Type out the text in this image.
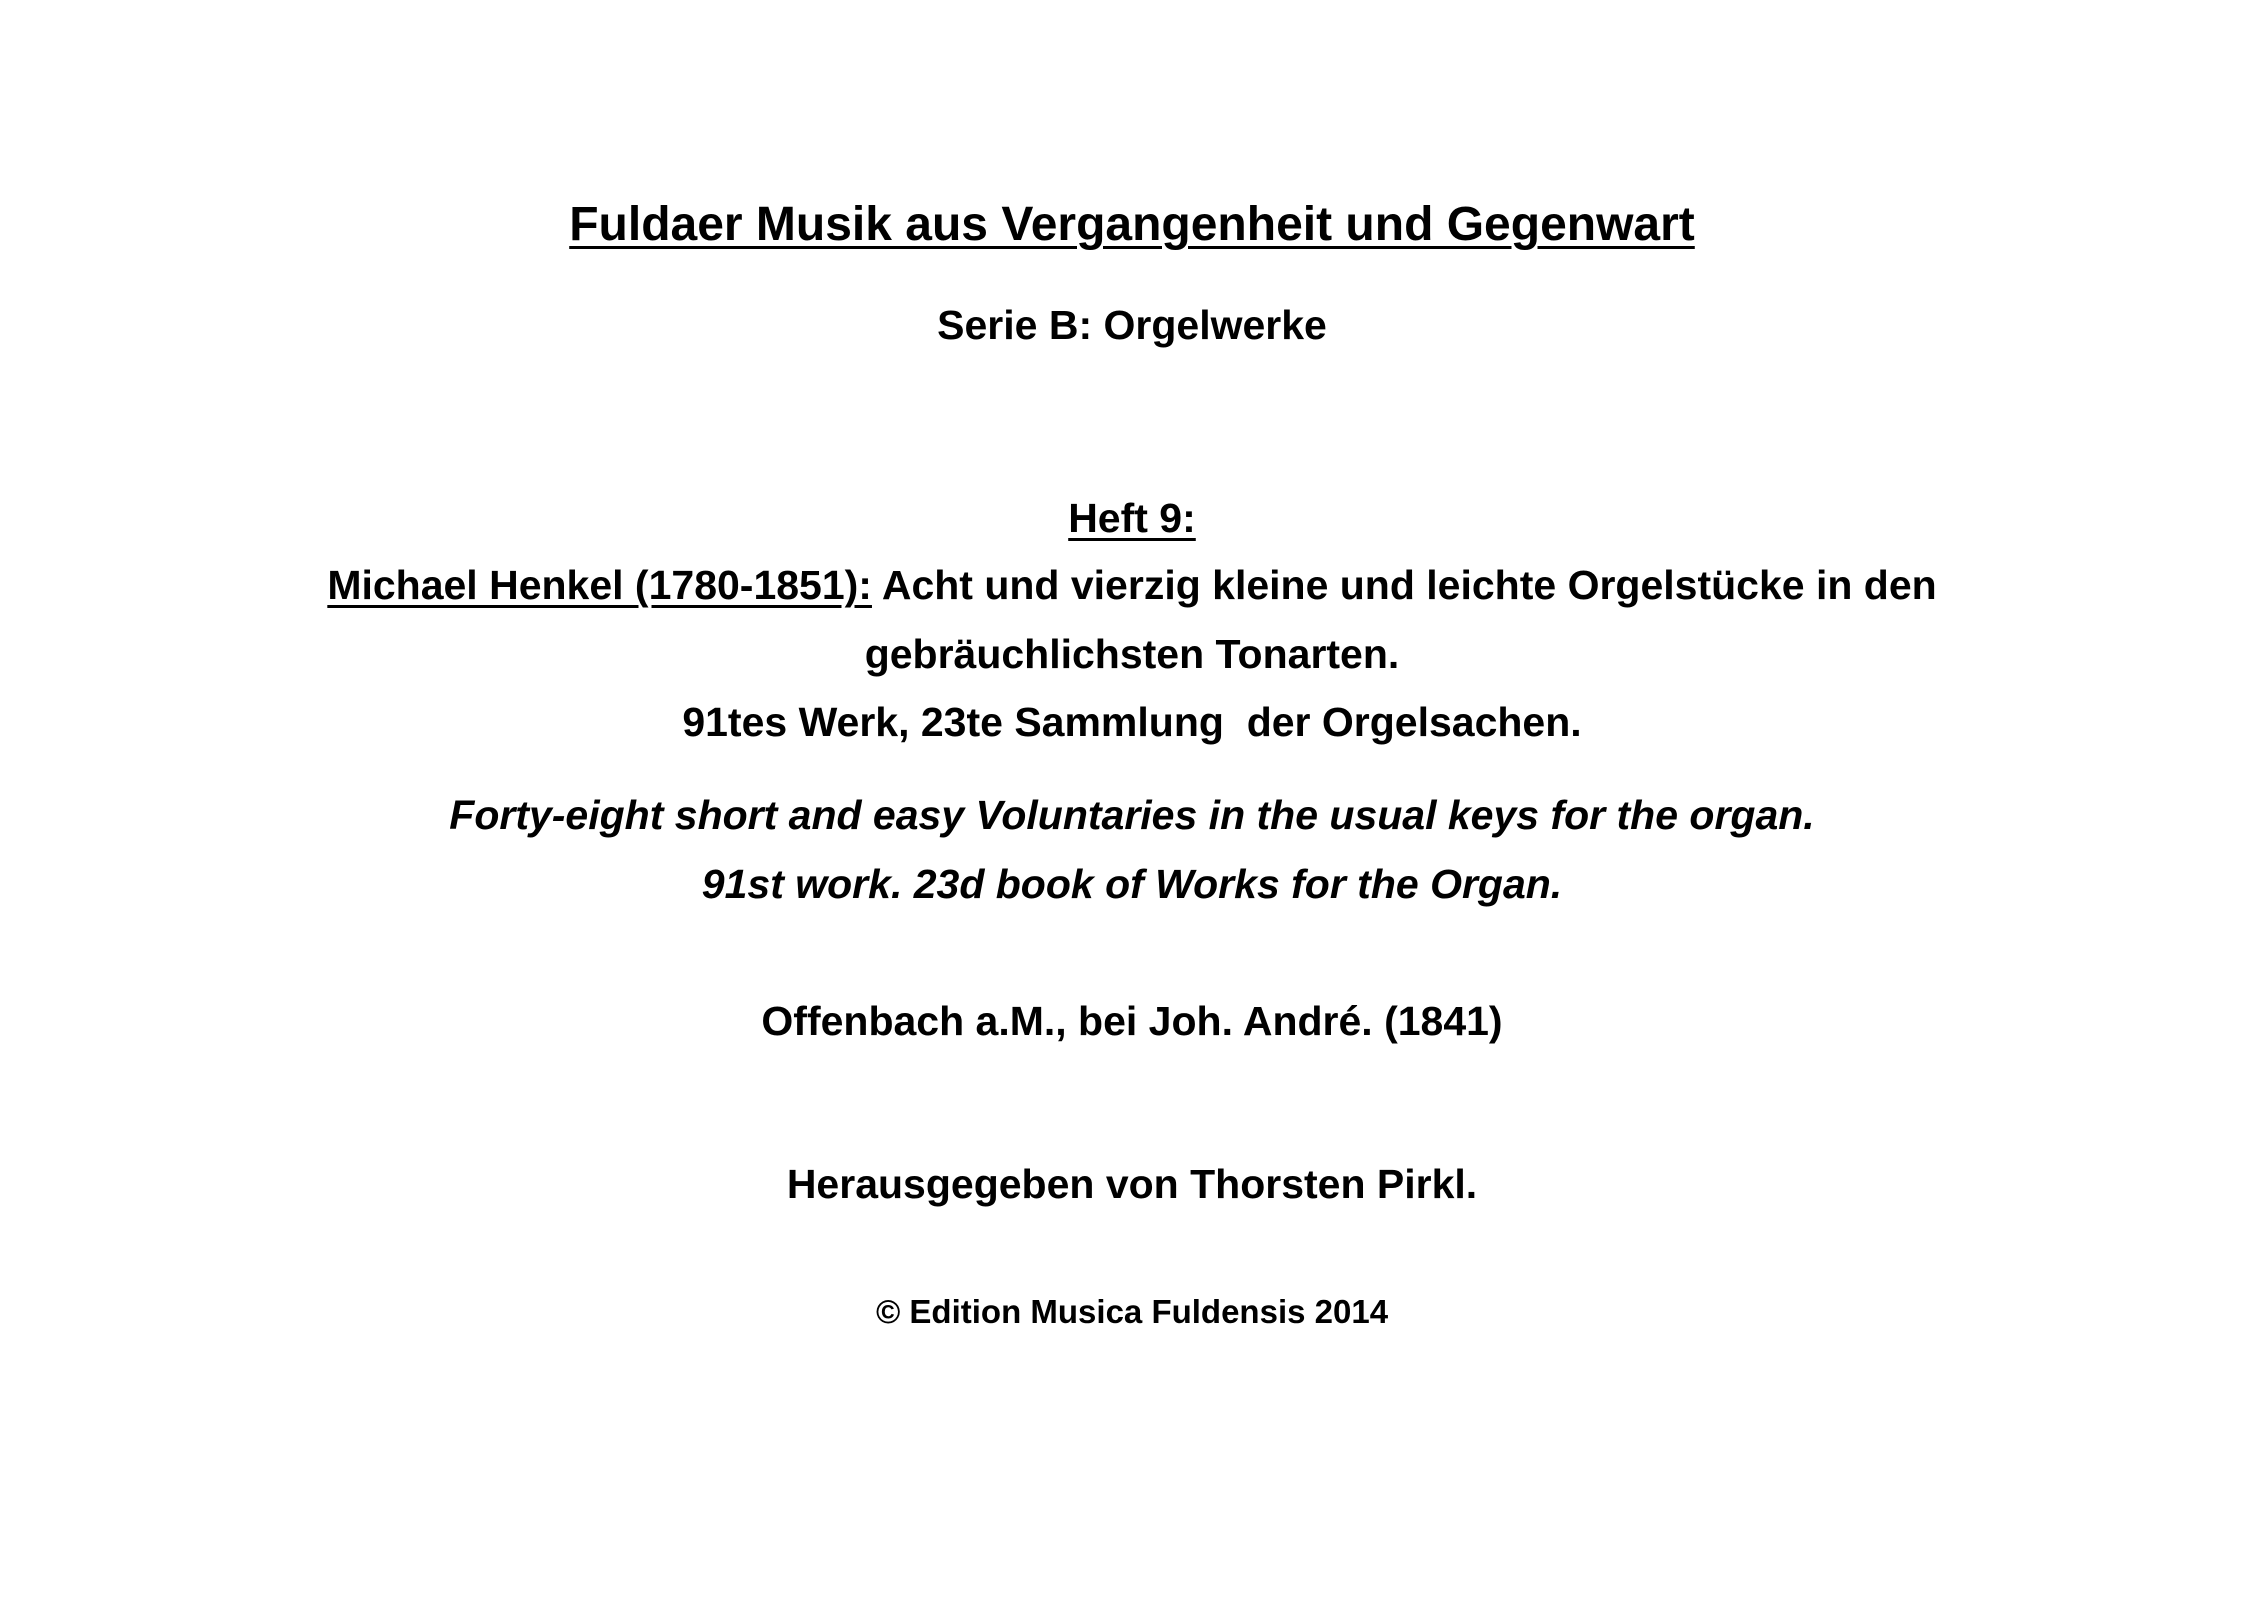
Fuldaer Musik aus Vergangenheit und Gegenwart
Serie B: Orgelwerke
Heft 9:
Michael Henkel (1780-1851): Acht und vierzig kleine und leichte Orgelstücke in den
gebräuchlichsten Tonarten.
91tes Werk, 23te Sammlung  der Orgelsachen.
Forty-eight short and easy Voluntaries in the usual keys for the organ.
91st work. 23d book of Works for the Organ.
Offenbach a.M., bei Joh. André. (1841)
Herausgegeben von Thorsten Pirkl.
© Edition Musica Fuldensis 2014
